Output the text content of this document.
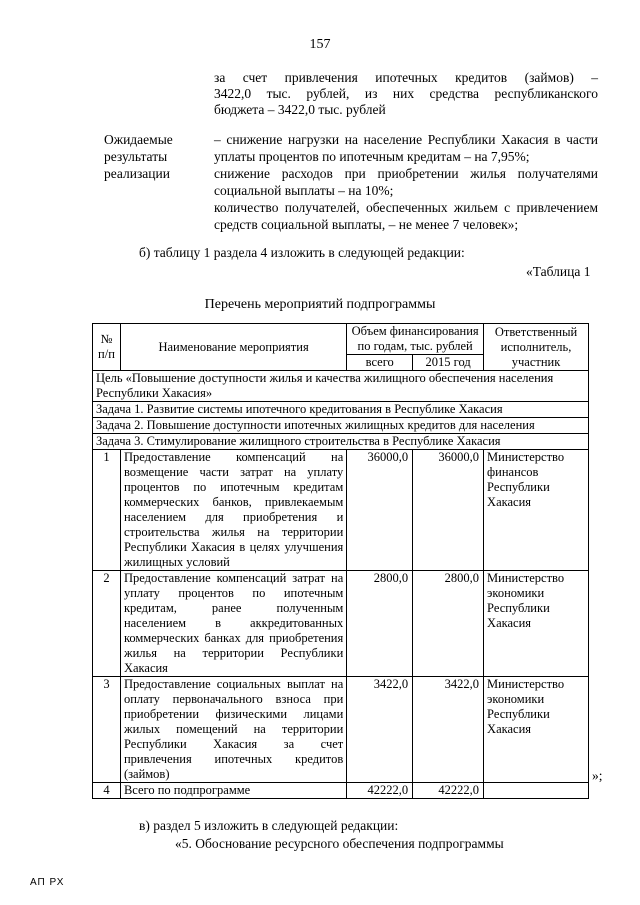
157
за счет привлечения ипотечных кредитов (займов) –
3422,0 тыс. рублей, из них средства республиканского
бюджета – 3422,0 тыс. рублей
Ожидаемые
результаты
реализации
– снижение нагрузки на население Республики Хакасия в части
уплаты процентов по ипотечным кредитам – на 7,95%;
снижение расходов при приобретении жилья получателями
социальной выплаты – на 10%;
количество получателей, обеспеченных жильем с привлечением
средств социальной выплаты, – не менее 7 человек»;
б) таблицу 1 раздела 4 изложить в следующей редакции:
«Таблица 1
Перечень мероприятий подпрограммы
№ п/п	Наименование мероприятия	Объем финансирования по годам, тыс. рублей		Ответственный исполнитель, участник
		всего	2015 год	
Цель «Повышение доступности жилья и качества жилищного обеспечения населения Республики Хакасия»				
Задача 1. Развитие системы ипотечного кредитования в Республике Хакасия				
Задача 2. Повышение доступности ипотечных жилищных кредитов для населения				
Задача 3. Стимулирование жилищного строительства в Республике Хакасия				
1	Предоставление компенсаций на возмещение части затрат на уплату процентов по ипотечным кредитам коммерческих банков, привлекаемым населением для приобретения и строительства жилья на территории Республики Хакасия в целях улучшения жилищных условий	36000,0	36000,0	Министерство финансов Республики Хакасия
2	Предоставление компенсаций затрат на уплату процентов по ипотечным кредитам, ранее полученным населением в аккредитованных коммерческих банках для приобретения жилья на территории Республики Хакасия	2800,0	2800,0	Министерство экономики Республики Хакасия
3	Предоставление социальных выплат на оплату первоначального взноса при приобретении физическими лицами жилых помещений на территории Республики Хакасия за счет привлечения ипотечных кредитов (займов)	3422,0	3422,0	Министерство экономики Республики Хакасия
4	Всего по подпрограмме	42222,0	42222,0	
»;
в) раздел 5 изложить в следующей редакции:
«5. Обоснование ресурсного обеспечения подпрограммы
АП РХ
